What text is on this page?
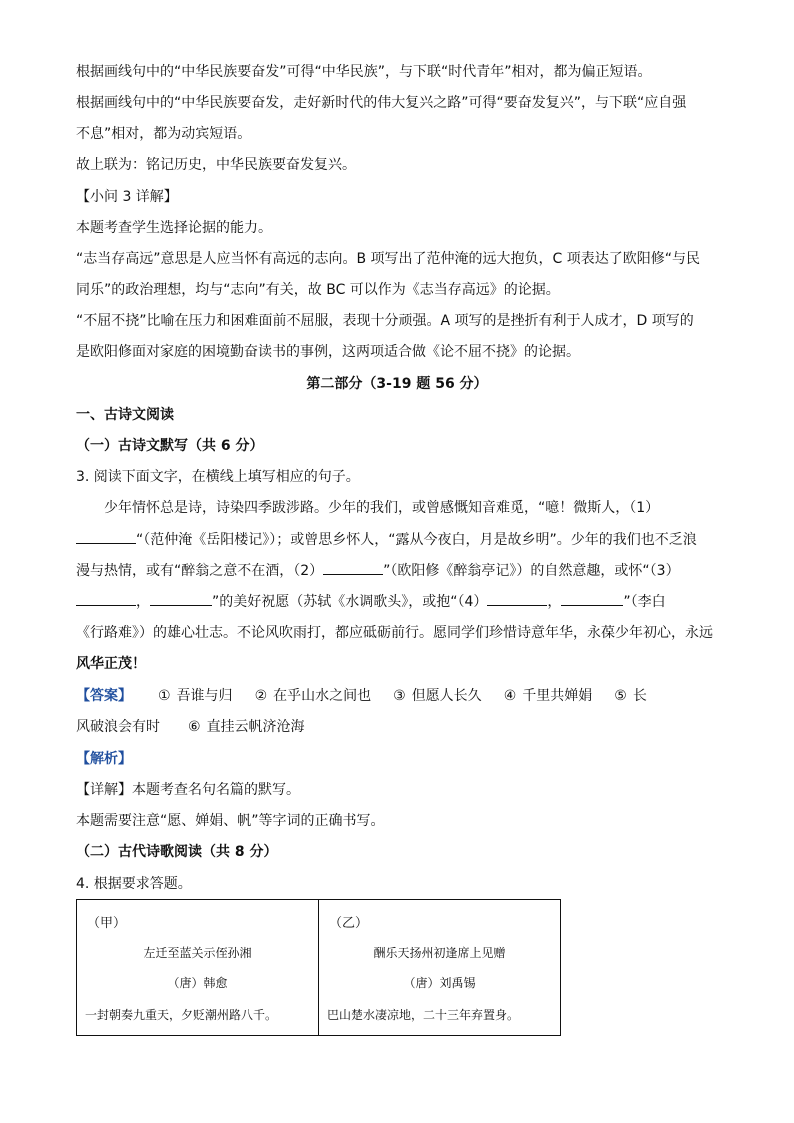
根据画线句中的“中华民族要奋发”可得“中华民族”，与下联“时代青年”相对，都为偏正短语。
根据画线句中的“中华民族要奋发，走好新时代的伟大复兴之路”可得“要奋发复兴”，与下联“应自强
不息”相对，都为动宾短语。
故上联为：铭记历史，中华民族要奋发复兴。
【小问 3 详解】
本题考查学生选择论据的能力。
“志当存高远”意思是人应当怀有高远的志向。B 项写出了范仲淹的远大抱负，C 项表达了欧阳修“与民
同乐”的政治理想，均与“志向”有关，故 BC 可以作为《志当存高远》的论据。
“不屈不挠”比喻在压力和困难面前不屈服，表现十分顽强。A 项写的是挫折有利于人成才，D 项写的
是欧阳修面对家庭的困境勤奋读书的事例，这两项适合做《论不屈不挠》的论据。
第二部分（3-19 题 56 分）
一、古诗文阅读
（一）古诗文默写（共 6 分）
3. 阅读下面文字，在横线上填写相应的句子。
少年情怀总是诗，诗染四季跋涉路。少年的我们，或曾感慨知音难觅，“噫！微斯人，（1）
“（范仲淹《岳阳楼记》）；或曾思乡怀人，“露从今夜白，月是故乡明”。少年的我们也不乏浪
漫与热情，或有“醉翁之意不在酒，（2）	”（欧阳修《醉翁亭记》）的自然意趣，或怀“（3）
，	”的美好祝愿（苏轼《水调歌头》，或抱“（4）	，	”（李白
《行路难》）的雄心壮志。不论风吹雨打，都应砥砺前行。愿同学们珍惜诗意年华，永葆少年初心，永远
风华正茂！
【答案】 ① 吾谁与归 ② 在乎山水之间也 ③ 但愿人长久 ④ 千里共婵娟 ⑤ 长
风破浪会有时 ⑥ 直挂云帆济沧海
【解析】
【详解】本题考查名句名篇的默写。
本题需要注意“愿、婵娟、帆”等字词的正确书写。
（二）古代诗歌阅读（共 8 分）
4. 根据要求答题。
（甲）
左迁至蓝关示侄孙湘
（唐）韩愈
一封朝奏九重天，夕贬潮州路八千。

（乙）
酬乐天扬州初逢席上见赠
（唐）刘禹锡
巴山楚水凄凉地，二十三年弃置身。
